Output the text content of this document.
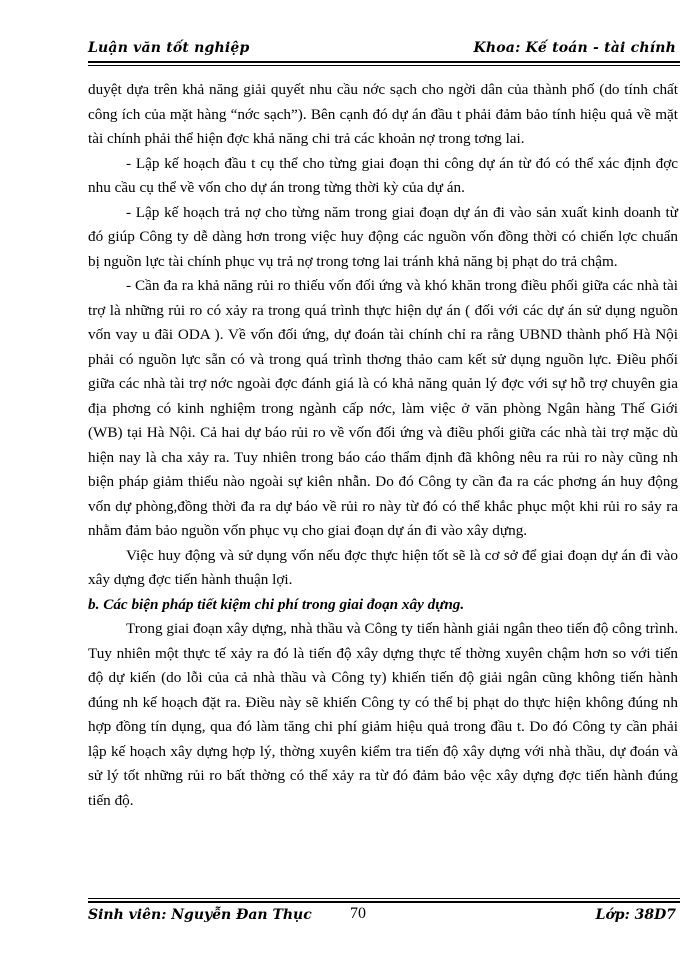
Luận văn tốt nghiệp	Khoa: Kế toán - tài chính

duyệt dựa trên khả năng giải quyết nhu cầu nớc sạch cho ngời dân của thành phố (do tính chất công ích của mặt hàng “nớc sạch”). Bên cạnh đó dự án đầu t phải đảm bảo tính hiệu quả về mặt tài chính phải thể hiện đợc khả năng chi trả các khoản nợ trong tơng lai.

- Lập kế hoạch đầu t cụ thể cho từng giai đoạn thi công dự án từ đó có thể xác định đợc nhu cầu cụ thể về vốn cho dự án trong từng thời kỳ của dự án.

- Lập kế hoạch trả nợ cho từng năm trong giai đoạn dự án đi vào sản xuất kinh doanh từ đó giúp Công ty dễ dàng hơn trong việc huy động các nguồn vốn đồng thời có chiến lợc chuẩn bị nguồn lực tài chính phục vụ trả nợ trong tơng lai tránh khả năng bị phạt do trả chậm.

- Cần đa ra khả năng rủi ro thiếu vốn đối ứng và khó khăn trong điều phối giữa các nhà tài trợ là những rủi ro có xảy ra trong quá trình thực hiện dự án ( đối với các dự án sử dụng nguồn vốn vay u đãi ODA ). Về vốn đối ứng, dự đoán tài chính chỉ ra rằng UBND thành phố Hà Nội phải có nguồn lực sẵn có và trong quá trình thơng thảo cam kết sử dụng nguồn lực. Điều phối giữa các nhà tài trợ nớc ngoài đợc đánh giá là có khả năng quản lý đợc với sự hỗ trợ chuyên gia địa phơng có kinh nghiệm trong ngành cấp nớc, làm việc ở văn phòng Ngân hàng Thế Giới (WB) tại Hà Nội. Cả hai dự báo rủi ro về vốn đối ứng và điều phối giữa các nhà tài trợ mặc dù hiện nay là cha xảy ra. Tuy nhiên trong báo cáo thẩm định đã không nêu ra rủi ro này cũng nh biện pháp giảm thiểu nào ngoài sự kiên nhẫn. Do đó Công ty cần đa ra các phơng án huy động vốn dự phòng,đồng thời đa ra dự báo về rủi ro này từ đó có thể khắc phục một khi rủi ro sảy ra nhằm đảm bảo nguồn vốn phục vụ cho giai đoạn dự án đi vào xây dựng.

Việc huy động và sử dụng vốn nếu đợc thực hiện tốt sẽ là cơ sở để giai đoạn dự án đi vào xây dựng đợc tiến hành thuận lợi.

b. Các biện pháp tiết kiệm chi phí trong giai đoạn xây dựng.

Trong giai đoạn xây dựng, nhà thầu và Công ty tiến hành giải ngân theo tiến độ công trình. Tuy nhiên một thực tế xảy ra đó là tiến độ xây dựng thực tế thờng xuyên chậm hơn so với tiến độ dự kiến (do lỗi của cả nhà thầu và Công ty) khiến tiến độ giải ngân cũng không tiến hành đúng nh kế hoạch đặt ra. Điều này sẽ khiến Công ty có thể bị phạt do thực hiện không đúng nh hợp đồng tín dụng, qua đó làm tăng chi phí giảm hiệu quả trong đầu t. Do đó Công ty cần phải lập kế hoạch xây dựng hợp lý, thờng xuyên kiểm tra tiến độ xây dựng với nhà thầu, dự đoán và sử lý tốt những rủi ro bất thờng có thể xảy ra từ đó đảm bảo vệc xây dựng đợc tiến hành đúng tiến độ.

Sinh viên: Nguyễn Đan Thục 70	Lớp: 38D7
